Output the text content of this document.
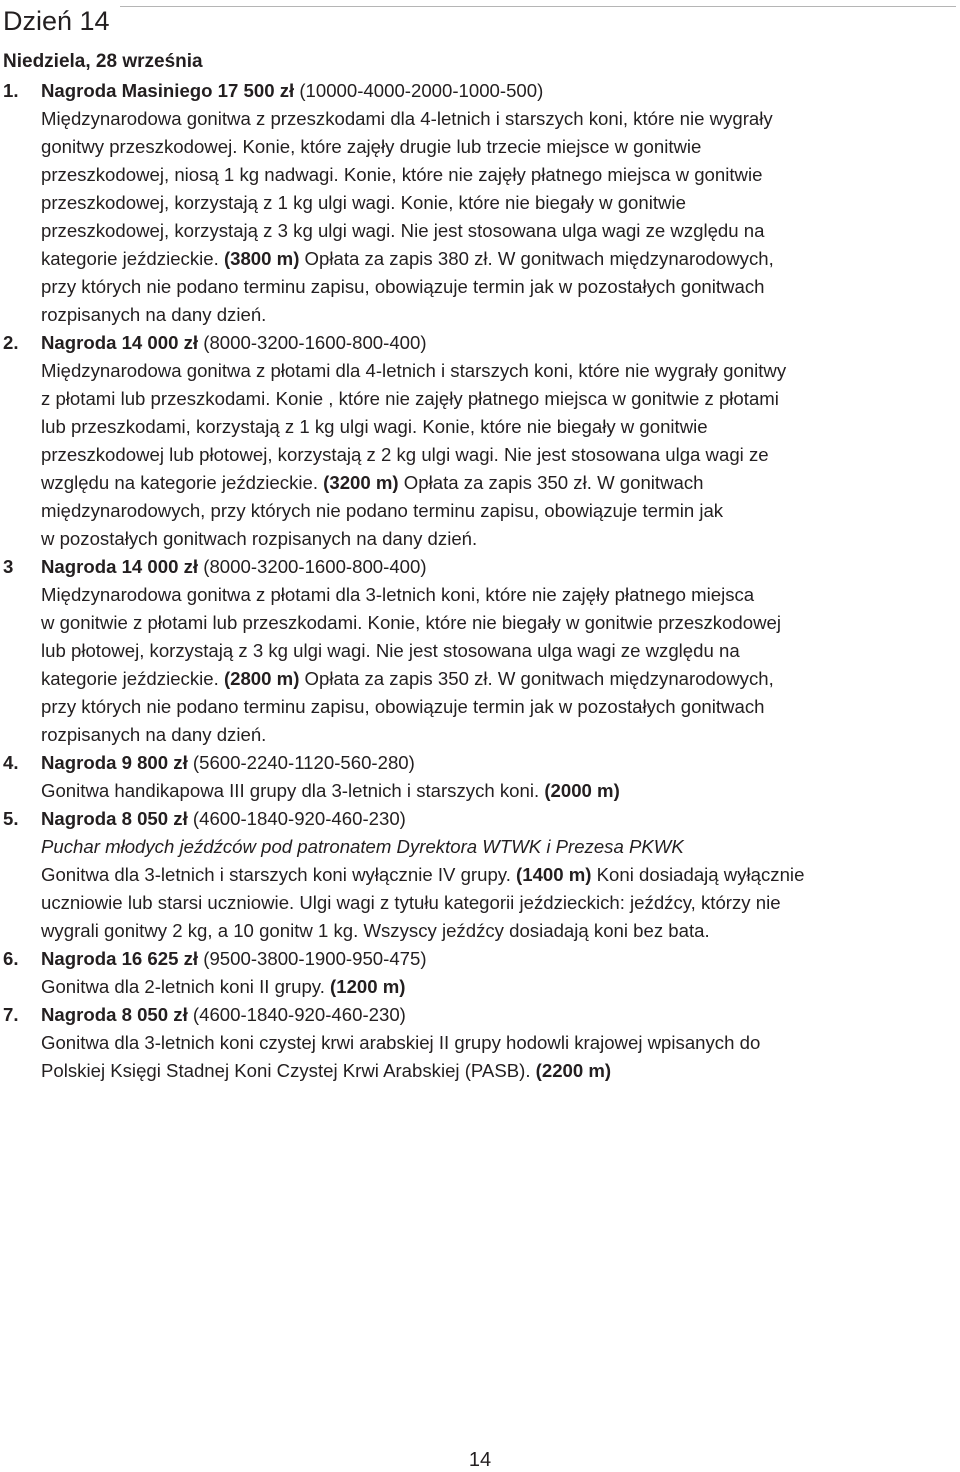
Dzień 14

Niedziela, 28 września

1. Nagroda Masiniego 17 500 zł (10000-4000-2000-1000-500)
Międzynarodowa gonitwa z przeszkodami dla 4-letnich i starszych koni, które nie wygrały
gonitwy przeszkodowej. Konie, które zajęły drugie lub trzecie miejsce w gonitwie
przeszkodowej, niosą 1 kg nadwagi. Konie, które nie zajęły płatnego miejsca w gonitwie
przeszkodowej, korzystają z 1 kg ulgi wagi. Konie, które nie biegały w gonitwie
przeszkodowej, korzystają z 3 kg ulgi wagi. Nie jest stosowana ulga wagi ze względu na
kategorie jeździeckie. (3800 m) Opłata za zapis 380 zł. W gonitwach międzynarodowych,
przy których nie podano terminu zapisu, obowiązuje termin jak w pozostałych gonitwach
rozpisanych na dany dzień.
2. Nagroda 14 000 zł (8000-3200-1600-800-400)
Międzynarodowa gonitwa z płotami dla 4-letnich i starszych koni, które nie wygrały gonitwy
z płotami lub przeszkodami. Konie , które nie zajęły płatnego miejsca w gonitwie z płotami
lub przeszkodami, korzystają z 1 kg ulgi wagi. Konie, które nie biegały w gonitwie
przeszkodowej lub płotowej, korzystają z 2 kg ulgi wagi. Nie jest stosowana ulga wagi ze
względu na kategorie jeździeckie. (3200 m) Opłata za zapis 350 zł. W gonitwach
międzynarodowych, przy których nie podano terminu zapisu, obowiązuje termin jak
w pozostałych gonitwach rozpisanych na dany dzień.
3 Nagroda 14 000 zł (8000-3200-1600-800-400)
Międzynarodowa gonitwa z płotami dla 3-letnich koni, które nie zajęły płatnego miejsca
w gonitwie z płotami lub przeszkodami. Konie, które nie biegały w gonitwie przeszkodowej
lub płotowej, korzystają z 3 kg ulgi wagi. Nie jest stosowana ulga wagi ze względu na
kategorie jeździeckie. (2800 m) Opłata za zapis 350 zł. W gonitwach międzynarodowych,
przy których nie podano terminu zapisu, obowiązuje termin jak w pozostałych gonitwach
rozpisanych na dany dzień.
4. Nagroda 9 800 zł (5600-2240-1120-560-280)
Gonitwa handikapowa III grupy dla 3-letnich i starszych koni. (2000 m)
5. Nagroda 8 050 zł (4600-1840-920-460-230)
Puchar młodych jeźdźców pod patronatem Dyrektora WTWK i Prezesa PKWK
Gonitwa dla 3-letnich i starszych koni wyłącznie IV grupy. (1400 m) Koni dosiadają wyłącznie
uczniowie lub starsi uczniowie. Ulgi wagi z tytułu kategorii jeździeckich: jeźdźcy, którzy nie
wygrali gonitwy 2 kg, a 10 gonitw 1 kg. Wszyscy jeźdźcy dosiadają koni bez bata.
6. Nagroda 16 625 zł (9500-3800-1900-950-475)
Gonitwa dla 2-letnich koni II grupy. (1200 m)
7. Nagroda 8 050 zł (4600-1840-920-460-230)
Gonitwa dla 3-letnich koni czystej krwi arabskiej II grupy hodowli krajowej wpisanych do
Polskiej Księgi Stadnej Koni Czystej Krwi Arabskiej (PASB). (2200 m)
14
